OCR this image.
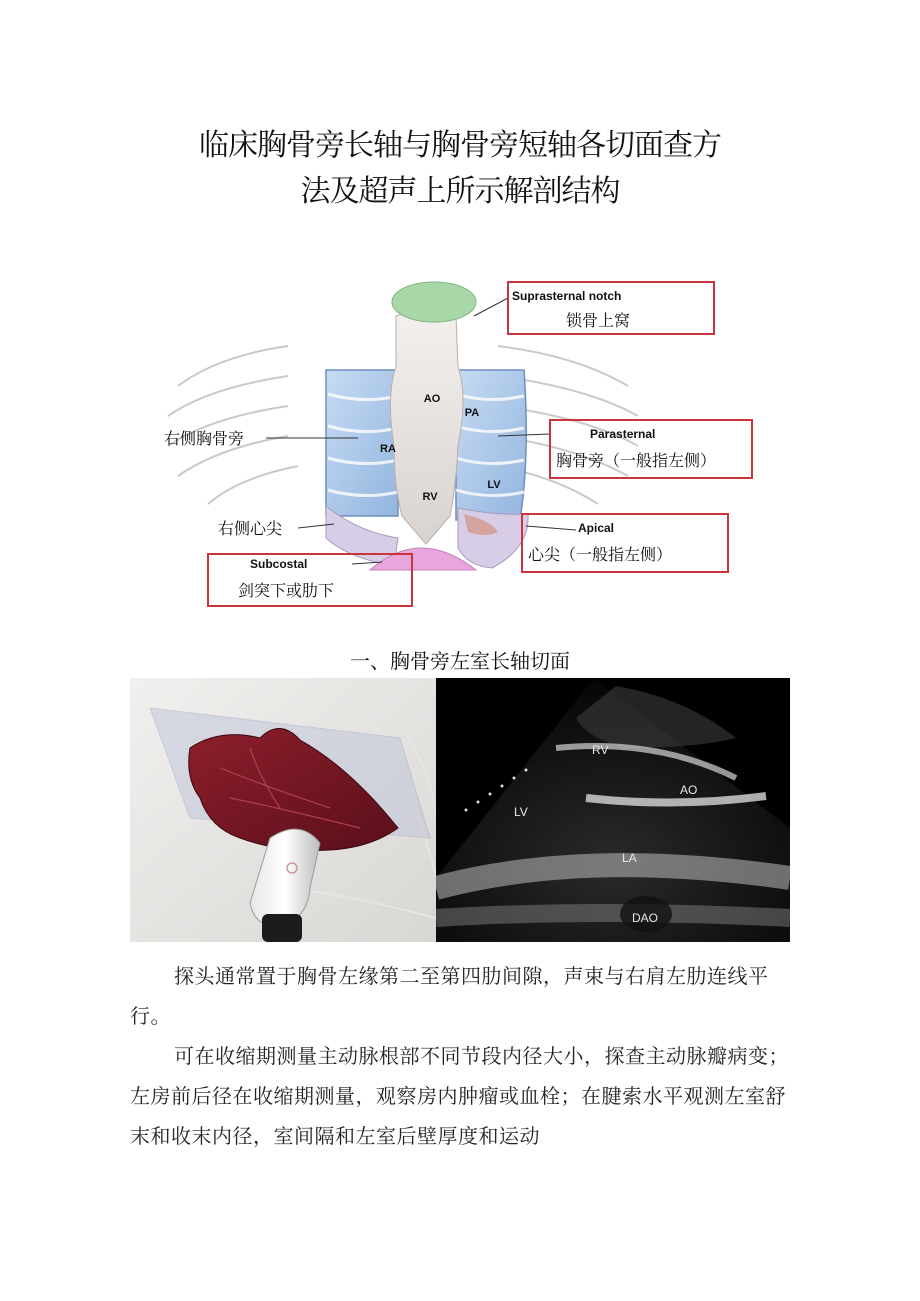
临床胸骨旁长轴与胸骨旁短轴各切面查方
法及超声上所示解剖结构
AO
PA
RA
RV
LV
Suprasternal notch
锁骨上窝
右侧胸骨旁	Parasternal
胸骨旁（一般指左侧）
右侧心尖	Apical
心尖（一般指左侧）
Subcostal
剑突下或肋下
一、胸骨旁左室长轴切面
RV
AO
LV
LA
DAO

探头通常置于胸骨左缘第二至第四肋间隙，声束与右肩左肋连线平行。

可在收缩期测量主动脉根部不同节段内径大小，探查主动脉瓣病变；左房前后径在收缩期测量，观察房内肿瘤或血栓；在腱索水平观测左室舒末和收末内径，室间隔和左室后壁厚度和运动
